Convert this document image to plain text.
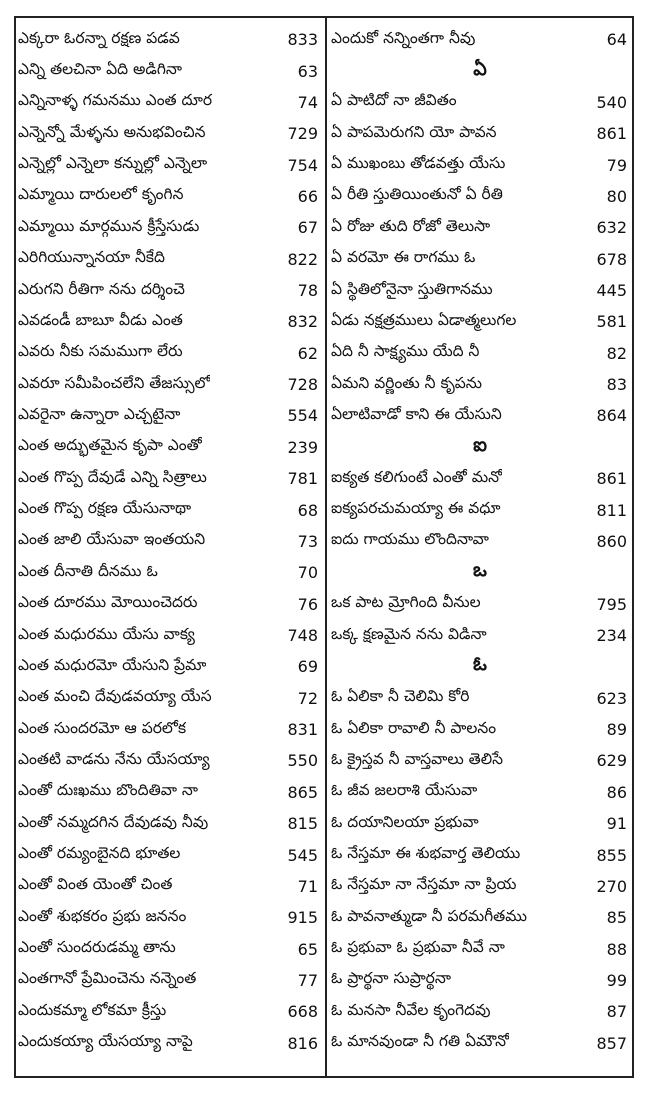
ఎక్కరా ఓరన్నా రక్షణ పడవ	833
ఎన్ని తలచినా ఏది అడిగినా	63
ఎన్నినాళ్ళ గమనము ఎంత దూర	74
ఎన్నెన్నో మేళ్ళను అనుభవించిన	729
ఎన్నెల్లో ఎన్నెలా కన్నుల్లో ఎన్నెలా	754
ఎమ్మాయి దారులలో కృంగిన	66
ఎమ్మాయి మార్గమున క్రీస్తేసుడు	67
ఎరిగియున్నానయా నీకేది	822
ఎరుగని రీతిగా నను దర్శించె	78
ఎవడండీ బాబూ వీడు ఎంత	832
ఎవరు నీకు సమముగా లేరు	62
ఎవరూ సమీపించలేని తేజస్సులో	728
ఎవరైనా ఉన్నారా ఎచ్చటైనా	554
ఎంత అద్భుతమైన కృపా ఎంతో	239
ఎంత గొప్ప దేవుడే ఎన్ని సిత్రాలు	781
ఎంత గొప్ప రక్షణ యేసునాథా	68
ఎంత జాలి యేసువా ఇంతయని	73
ఎంత దీనాతి దీనము ఓ	70
ఎంత దూరము మోయించెదరు	76
ఎంత మధురము యేసు వాక్య	748
ఎంత మధురమో యేసుని ప్రేమా	69
ఎంత మంచి దేవుడవయ్యా యేస	72
ఎంత సుందరమో ఆ పరలోక	831
ఎంతటి వాడను నేను యేసయ్యా	550
ఎంతో దుఃఖము బొందితివా నా	865
ఎంతో నమ్మదగిన దేవుడవు నీవు	815
ఎంతో రమ్యంబైనది భూతల	545
ఎంతో వింత యెంతో చింత	71
ఎంతో శుభకరం ప్రభు జననం	915
ఎంతో సుందరుడమ్మ తాను	65
ఎంతగానో ప్రేమించెను నన్నెంత	77
ఎందుకమ్మా లోకమా క్రీస్తు	668
ఎందుకయ్యా యేసయ్యా నాపై	816
ఎందుకో నన్నింతగా నీవు	64
ఏ
ఏ పాటిదో నా జీవితం	540
ఏ పాపమెరుగని యో పావన	861
ఏ ముఖంబు తోడవత్తు యేసు	79
ఏ రీతి స్తుతియింతునో ఏ రీతి	80
ఏ రోజు తుది రోజో తెలుసా	632
ఏ వరమో ఈ రాగము ఓ	678
ఏ స్థితిలోనైనా స్తుతిగానము	445
ఏడు నక్షత్రములు ఏడాత్మలుగల	581
ఏది నీ సాక్ష్యము యేది నీ	82
ఏమని వర్ణింతు నీ కృపను	83
ఏలాటివాడో కాని ఈ యేసుని	864
ఐ
ఐక్యత కలిగుంటే ఎంతో మనో	861
ఐక్యపరచుమయ్యా ఈ వధూ	811
ఐదు గాయము లొందినావా	860
ఒ
ఒక పాట మ్రోగింది వీనుల	795
ఒక్క క్షణమైన నను విడినా	234
ఓ
ఓ ఏలికా నీ చెలిమి కోరి	623
ఓ ఏలికా రావాలి నీ పాలనం	89
ఓ క్రైస్తవ నీ వాస్తవాలు తెలిసే	629
ఓ జీవ జలరాశి యేసువా	86
ఓ దయానిలయా ప్రభువా	91
ఓ నేస్తమా ఈ శుభవార్త తెలియు	855
ఓ నేస్తమా నా నేస్తమా నా ప్రియ	270
ఓ పావనాత్ముడా నీ పరమగీతము	85
ఓ ప్రభువా ఓ ప్రభువా నీవే నా	88
ఓ ప్రార్థనా సుప్రార్థనా	99
ఓ మనసా నీవేల కృంగెదవు	87
ఓ మానవుండా నీ గతి ఏమౌనో	857
